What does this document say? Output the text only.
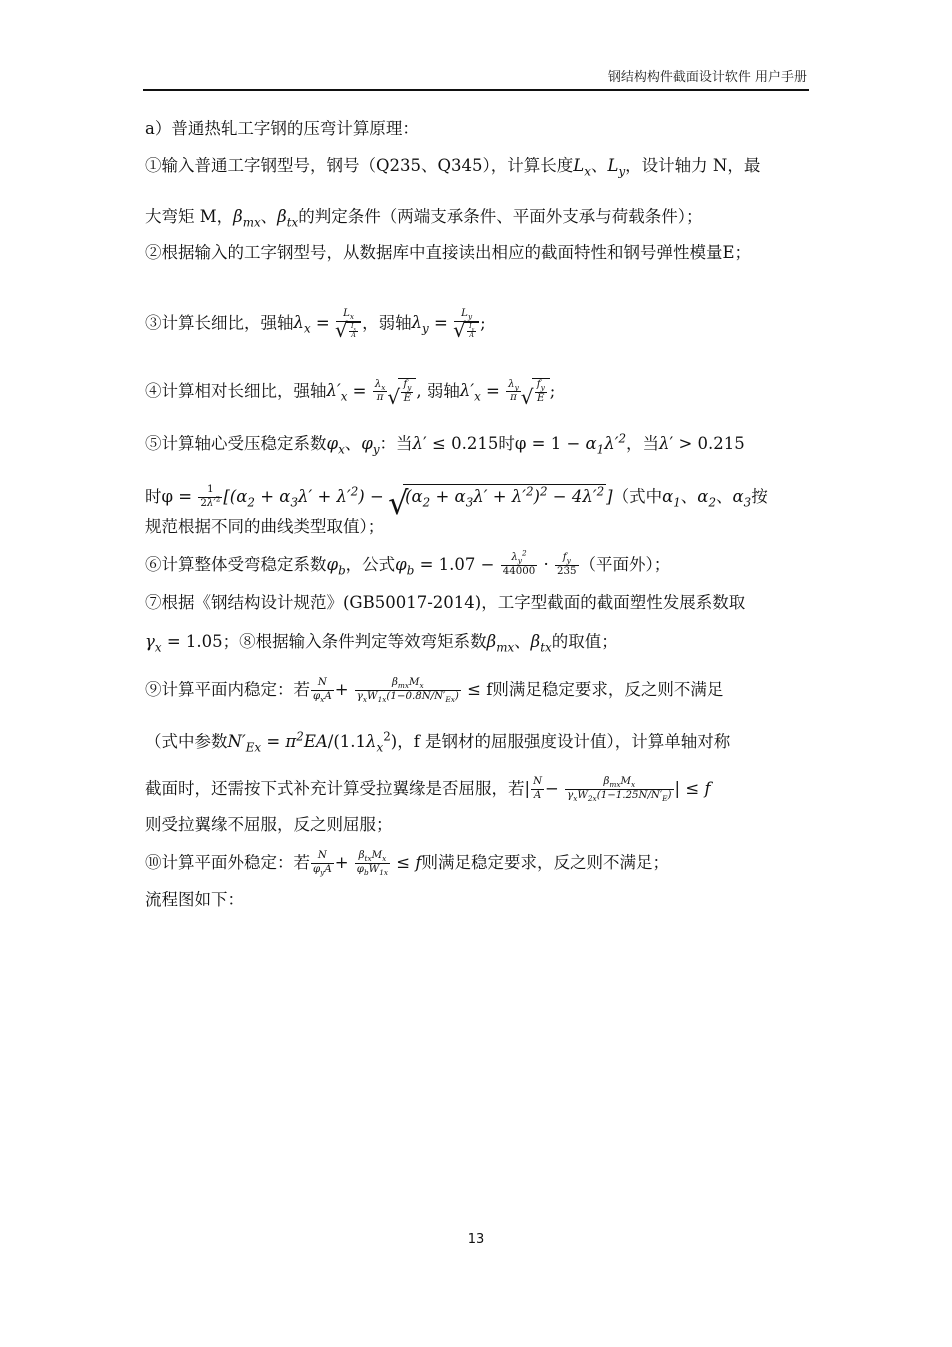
钢结构构件截面设计软件 用户手册
a）普通热轧工字钢的压弯计算原理：
①输入普通工字钢型号，钢号（Q235、Q345），计算长度$L_x$、$L_y$，设计轴力 N，最
大弯矩 M，$\beta_{mx}$、$\beta_{tx}$的判定条件（两端支承条件、平面外支承与荷载条件）；
②根据输入的工字钢型号，从数据库中直接读出相应的截面特性和钢号弹性模量E；
③计算长细比，强轴$\lambda_x = L_x$
√ $\frac{I_x}{A}$ ，弱轴$\lambda_y = L_y$
√ $\frac{I_y}{A}$ ;
④计算相对长细比，强轴$\lambda'_x = \frac{\lambda_x}{\pi}$ √ $\frac{f_y}{E}$ , 弱轴$\lambda'_x = \frac{\lambda_y}{\pi}$ √ $\frac{f_y}{E}$ ;
⑤计算轴心受压稳定系数$\varphi_x$、$\varphi_y$：当λ′ ≤ 0.215时$\varphi = 1 - \alpha_1\lambda'^2$，当λ′ > 0.215
时$\varphi = \frac{1}{2\lambda'^2} [(\alpha_2 + \alpha_3\lambda' + \lambda'^2)$ − √ $(\alpha_2 + \alpha_3\lambda' + \lambda'^2)^2 - 4\lambda'^2$ ]（式中$\alpha_1$、$\alpha_2$、$\alpha_3$按
规范根据不同的曲线类型取值）；
⑥计算整体受弯稳定系数$\varphi_b$，公式$\varphi_b = 1.07 - \frac{\lambda_y^2}{44000} \cdot \frac{f_y}{235}$ （平面外）；
⑦根据《钢结构设计规范》(GB50017-2014)，工字型截面的截面塑性发展系数取
$\gamma_x = 1.05$；⑧根据输入条件判定等效弯矩系数$\beta_{mx}$、$\beta_{tx}$的取值；
⑨计算平面内稳定：若 $\frac{N}{\varphi_xA} + \frac{\beta_{mx}M_x}{\gamma_xW_{1x}(1-0.8N/N'_{Ex})} \le f$则满足稳定要求，反之则不满足
（式中参数$N'_{Ex} = \pi^2EA/(1.1\lambda_x^2)$，f 是钢材的屈服强度设计值），计算单轴对称
截面时，还需按下式补充计算受拉翼缘是否屈服，若| $\frac{N}{A} - \frac{\beta_{mx}M_x}{\gamma_xW_{2x}(1-1.25N/N'_E)}$ | ≤ f
则受拉翼缘不屈服，反之则屈服；
⑩计算平面外稳定：若 $\frac{N}{\varphi_yA} + \frac{\beta_{tx}M_x}{\varphi_bW_{1x}} \le f$则满足稳定要求，反之则不满足；
流程图如下：
13
